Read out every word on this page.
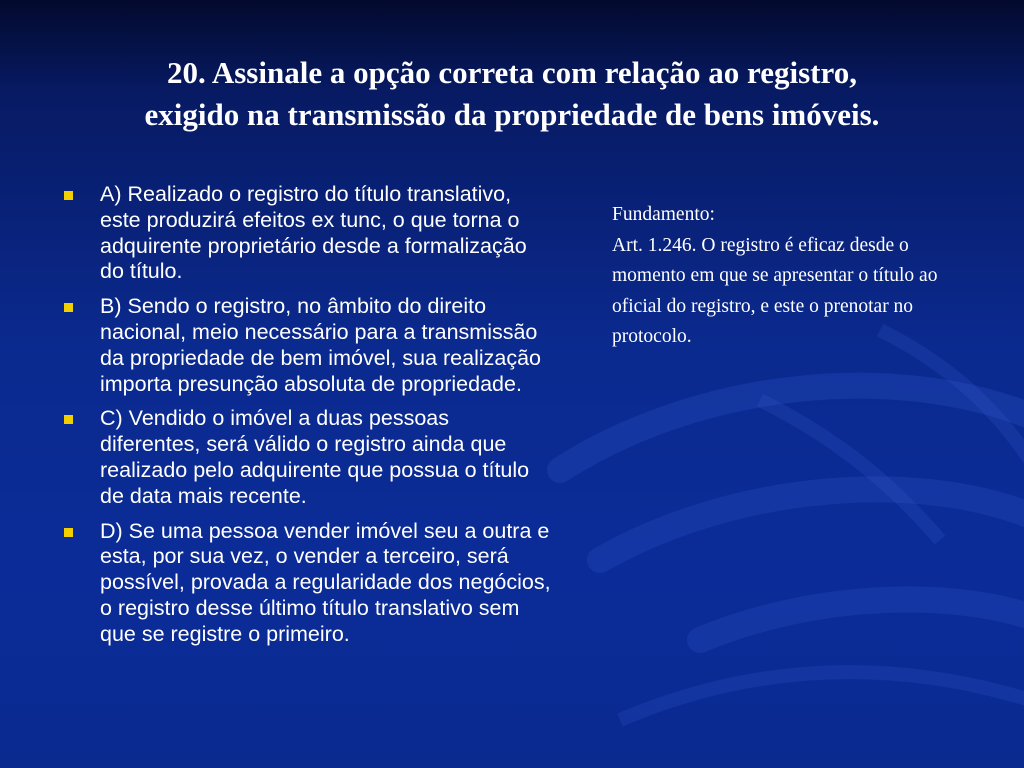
20. Assinale a opção correta com relação ao registro,
exigido na transmissão da propriedade de bens imóveis.
A) Realizado o registro do título translativo, este produzirá efeitos ex tunc, o que torna o adquirente proprietário desde a formalização do título.
B) Sendo o registro, no âmbito do direito nacional, meio necessário para a transmissão da propriedade de bem imóvel, sua realização importa presunção absoluta de propriedade.
C) Vendido o imóvel a duas pessoas diferentes, será válido o registro ainda que realizado pelo adquirente que possua o título de data mais recente.
D) Se uma pessoa vender imóvel seu a outra e esta, por sua vez, o vender a terceiro, será possível, provada a regularidade dos negócios, o registro desse último título translativo sem que se registre o primeiro.
Fundamento:
Art. 1.246. O registro é eficaz desde o momento em que se apresentar o título ao oficial do registro, e este o prenotar no protocolo.
